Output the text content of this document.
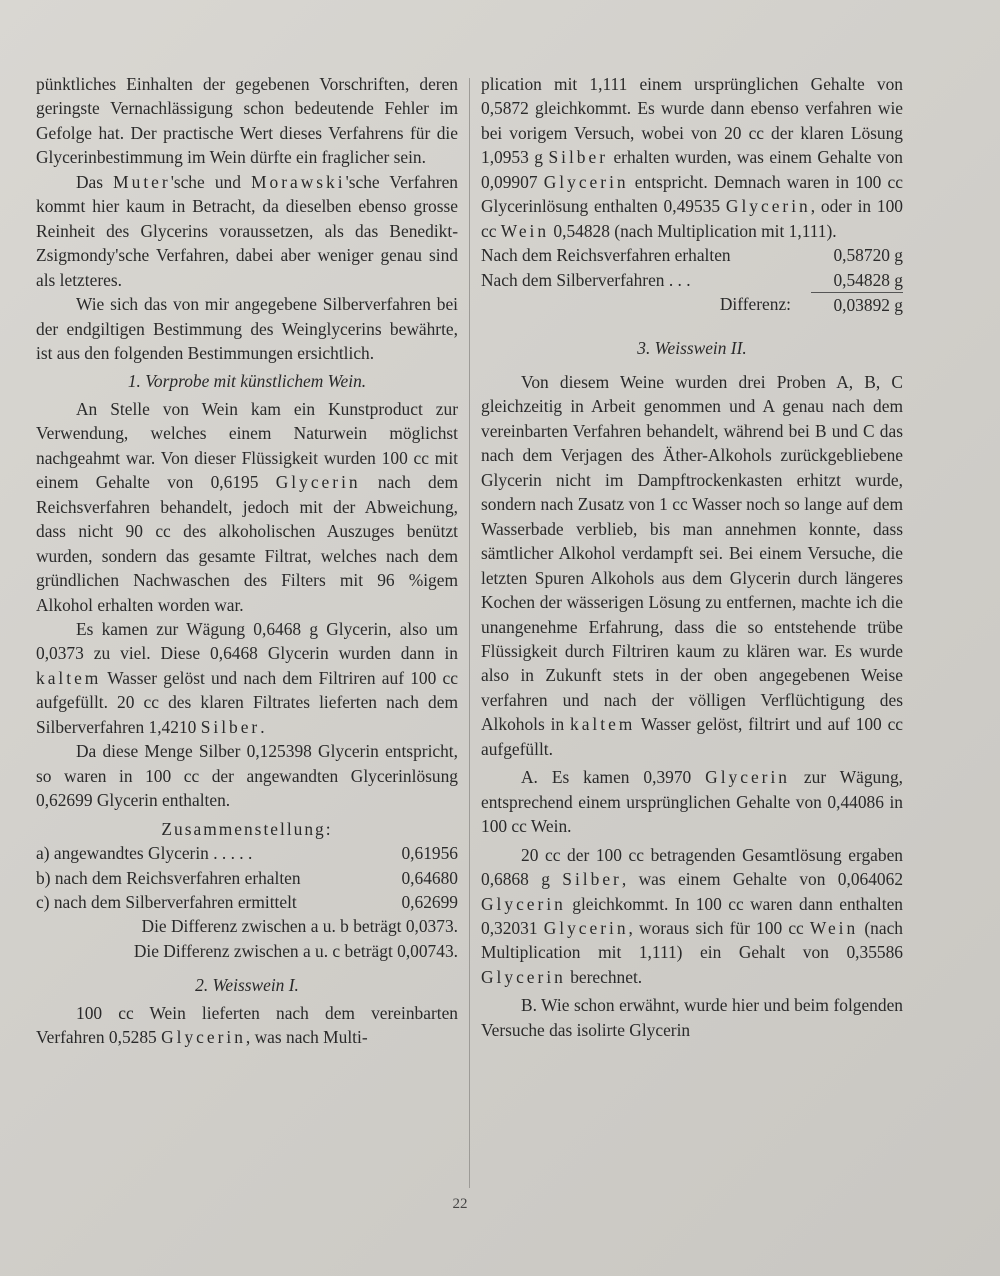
pünktliches Einhalten der gegebenen Vorschriften, deren geringste Vernachlässigung schon bedeutende Fehler im Gefolge hat. Der practische Wert dieses Verfahrens für die Glycerinbestimmung im Wein dürfte ein fraglicher sein.

Das Muter'sche und Morawski'sche Verfahren kommt hier kaum in Betracht, da dieselben ebenso grosse Reinheit des Glycerins voraussetzen, als das Benedikt-Zsigmondy'sche Verfahren, dabei aber weniger genau sind als letzteres.

Wie sich das von mir angegebene Silberverfahren bei der endgiltigen Bestimmung des Weinglycerins bewährte, ist aus den folgenden Bestimmungen ersichtlich.

1. Vorprobe mit künstlichem Wein.

An Stelle von Wein kam ein Kunstproduct zur Verwendung, welches einem Naturwein möglichst nachgeahmt war. Von dieser Flüssigkeit wurden 100 cc mit einem Gehalte von 0,6195 Glycerin nach dem Reichsverfahren behandelt, jedoch mit der Abweichung, dass nicht 90 cc des alkoholischen Auszuges benützt wurden, sondern das gesamte Filtrat, welches nach dem gründlichen Nachwaschen des Filters mit 96 %igem Alkohol erhalten worden war.

Es kamen zur Wägung 0,6468 g Glycerin, also um 0,0373 zu viel. Diese 0,6468 Glycerin wurden dann in kaltem Wasser gelöst und nach dem Filtriren auf 100 cc aufgefüllt. 20 cc des klaren Filtrates lieferten nach dem Silberverfahren 1,4210 Silber.

Da diese Menge Silber 0,125398 Glycerin entspricht, so waren in 100 cc der angewandten Glycerinlösung 0,62699 Glycerin enthalten.

Zusammenstellung:
a) angewandtes Glycerin . . . . .	0,61956
b) nach dem Reichsverfahren erhalten	0,64680
c) nach dem Silberverfahren ermittelt	0,62699
Die Differenz zwischen a u. b beträgt 0,0373.
Die Differenz zwischen a u. c beträgt 0,00743.
2. Weisswein I.

100 cc Wein lieferten nach dem vereinbarten Verfahren 0,5285 Glycerin, was nach Multi-

plication mit 1,111 einem ursprünglichen Gehalte von 0,5872 gleichkommt. Es wurde dann ebenso verfahren wie bei vorigem Versuch, wobei von 20 cc der klaren Lösung 1,0953 g Silber erhalten wurden, was einem Gehalte von 0,09907 Glycerin entspricht. Demnach waren in 100 cc Glycerinlösung enthalten 0,49535 Glycerin, oder in 100 cc Wein 0,54828 (nach Multiplication mit 1,111).

Nach dem Reichsverfahren erhalten	0,58720 g
Nach dem Silberverfahren . . .	0,54828 g
Differenz:	0,03892 g
3. Weisswein II.

Von diesem Weine wurden drei Proben A, B, C gleichzeitig in Arbeit genommen und A genau nach dem vereinbarten Verfahren behandelt, während bei B und C das nach dem Verjagen des Äther-Alkohols zurückgebliebene Glycerin nicht im Dampftrockenkasten erhitzt wurde, sondern nach Zusatz von 1 cc Wasser noch so lange auf dem Wasserbade verblieb, bis man annehmen konnte, dass sämtlicher Alkohol verdampft sei. Bei einem Versuche, die letzten Spuren Alkohols aus dem Glycerin durch längeres Kochen der wässerigen Lösung zu entfernen, machte ich die unangenehme Erfahrung, dass die so entstehende trübe Flüssigkeit durch Filtriren kaum zu klären war. Es wurde also in Zukunft stets in der oben angegebenen Weise verfahren und nach der völligen Verflüchtigung des Alkohols in kaltem Wasser gelöst, filtrirt und auf 100 cc aufgefüllt.

A. Es kamen 0,3970 Glycerin zur Wägung, entsprechend einem ursprünglichen Gehalte von 0,44086 in 100 cc Wein.

20 cc der 100 cc betragenden Gesamtlösung ergaben 0,6868 g Silber, was einem Gehalte von 0,064062 Glycerin gleichkommt. In 100 cc waren dann enthalten 0,32031 Glycerin, woraus sich für 100 cc Wein (nach Multiplication mit 1,111) ein Gehalt von 0,35586 Glycerin berechnet.

B. Wie schon erwähnt, wurde hier und beim folgenden Versuche das isolirte Glycerin

22
